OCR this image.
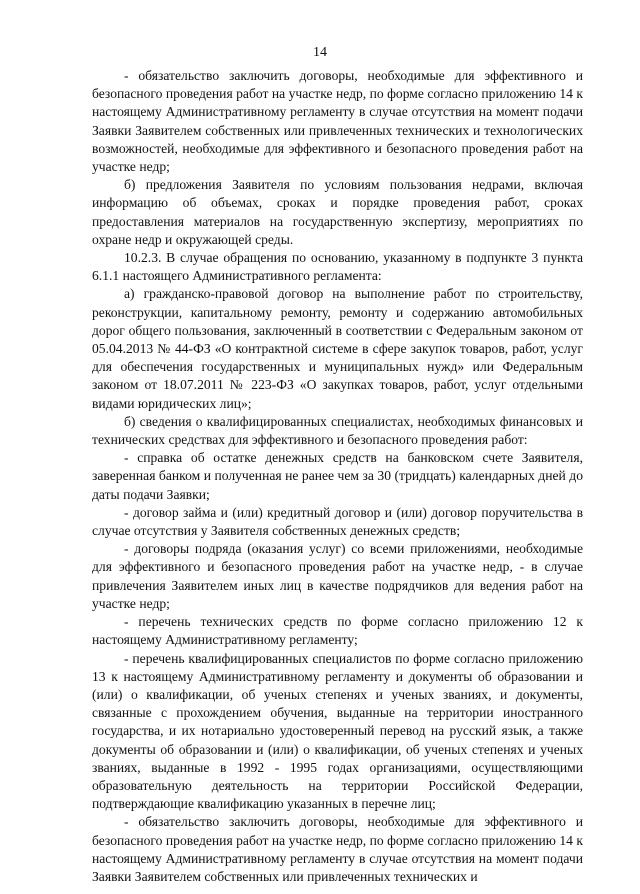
14

- обязательство заключить договоры, необходимые для эффективного и безопасного проведения работ на участке недр, по форме согласно приложению 14 к настоящему Административному регламенту в случае отсутствия на момент подачи Заявки Заявителем собственных или привлеченных технических и технологических возможностей, необходимые для эффективного и безопасного проведения работ на участке недр;

б) предложения Заявителя по условиям пользования недрами, включая информацию об объемах, сроках и порядке проведения работ, сроках предоставления материалов на государственную экспертизу, мероприятиях по охране недр и окружающей среды.

10.2.3. В случае обращения по основанию, указанному в подпункте 3 пункта 6.1.1 настоящего Административного регламента:

а) гражданско-правовой договор на выполнение работ по строительству, реконструкции, капитальному ремонту, ремонту и содержанию автомобильных дорог общего пользования, заключенный в соответствии с Федеральным законом от 05.04.2013 № 44-ФЗ «О контрактной системе в сфере закупок товаров, работ, услуг для обеспечения государственных и муниципальных нужд» или Федеральным законом от 18.07.2011 № 223-ФЗ «О закупках товаров, работ, услуг отдельными видами юридических лиц»;

б) сведения о квалифицированных специалистах, необходимых финансовых и технических средствах для эффективного и безопасного проведения работ:

- справка об остатке денежных средств на банковском счете Заявителя, заверенная банком и полученная не ранее чем за 30 (тридцать) календарных дней до даты подачи Заявки;

- договор займа и (или) кредитный договор и (или) договор поручительства в случае отсутствия у Заявителя собственных денежных средств;

- договоры подряда (оказания услуг) со всеми приложениями, необходимые для эффективного и безопасного проведения работ на участке недр, - в случае привлечения Заявителем иных лиц в качестве подрядчиков для ведения работ на участке недр;

- перечень технических средств по форме согласно приложению 12 к настоящему Административному регламенту;

- перечень квалифицированных специалистов по форме согласно приложению 13 к настоящему Административному регламенту и документы об образовании и (или) о квалификации, об ученых степенях и ученых званиях, и документы, связанные с прохождением обучения, выданные на территории иностранного государства, и их нотариально удостоверенный перевод на русский язык, а также документы об образовании и (или) о квалификации, об ученых степенях и ученых званиях, выданные в 1992 - 1995 годах организациями, осуществляющими образовательную деятельность на территории Российской Федерации, подтверждающие квалификацию указанных в перечне лиц;

- обязательство заключить договоры, необходимые для эффективного и безопасного проведения работ на участке недр, по форме согласно приложению 14 к настоящему Административному регламенту в случае отсутствия на момент подачи Заявки Заявителем собственных или привлеченных технических и
